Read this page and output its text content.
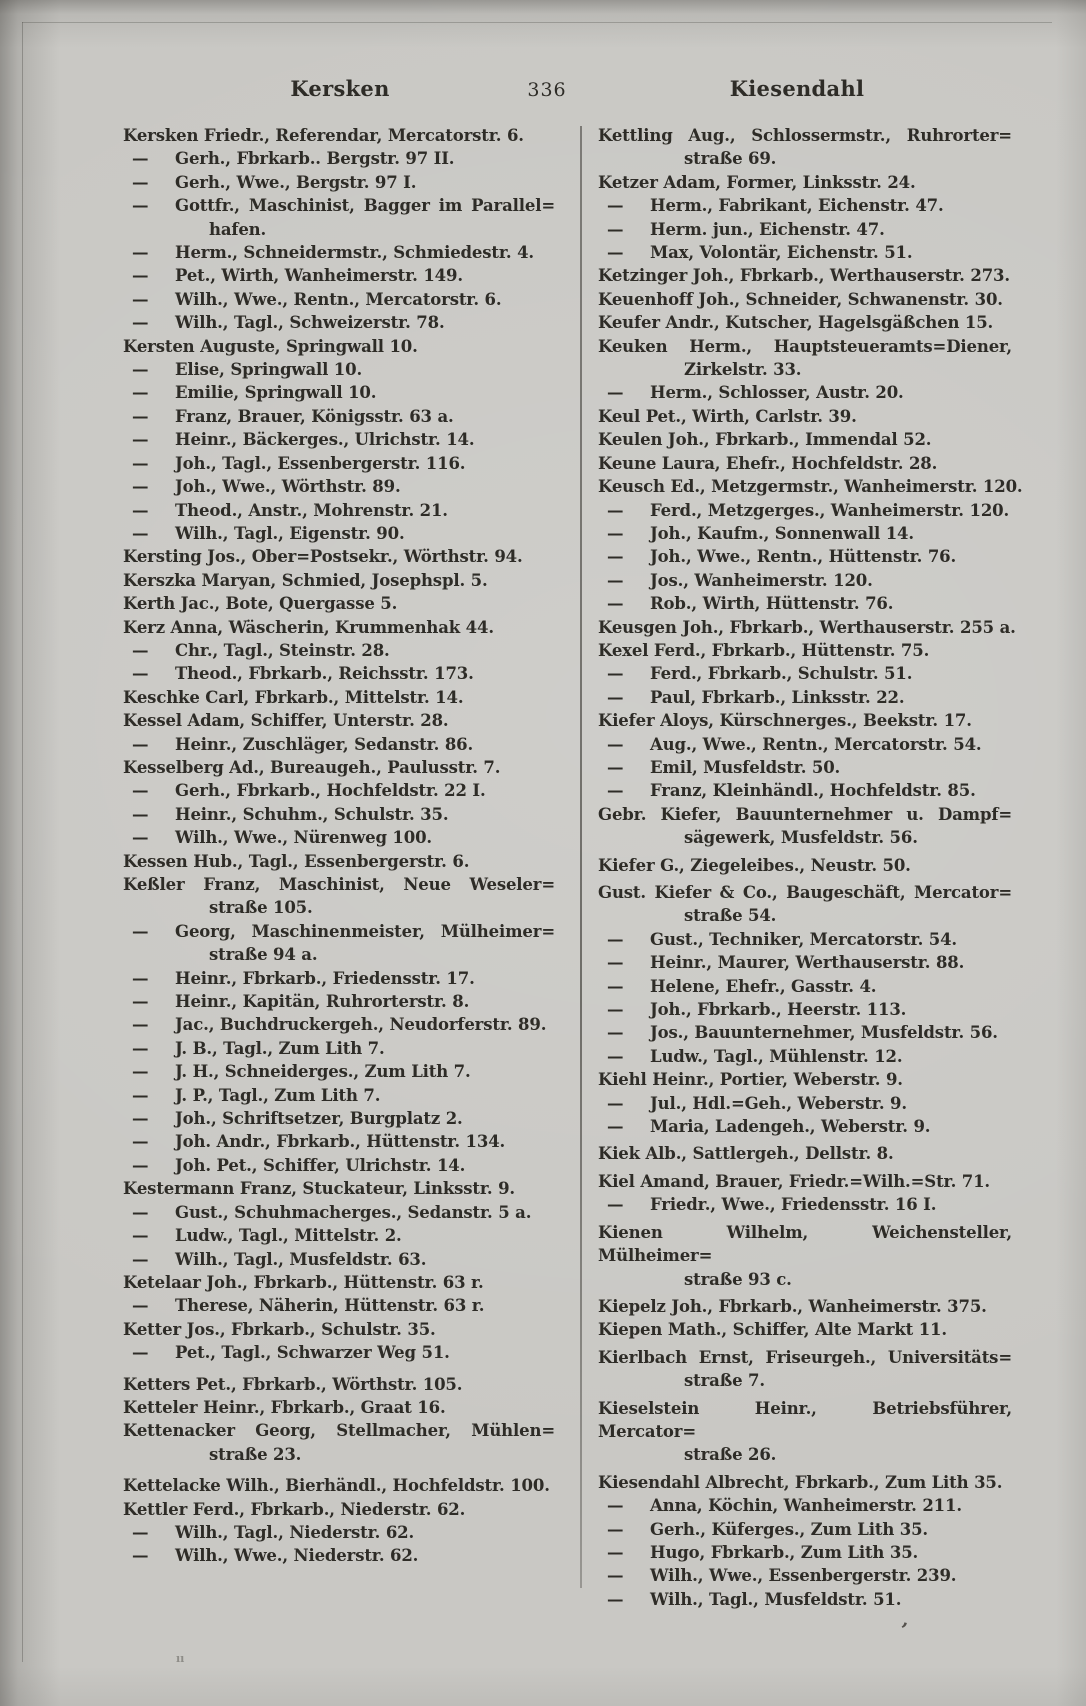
Kersken	336	Kiesendahl
Kersken Friedr., Referendar, Mercatorstr. 6.
—	Gerh., Fbrkarb.. Bergstr. 97 II.
—	Gerh., Wwe., Bergstr. 97 I.
—	Gottfr., Maschinist, Bagger im Parallel=
hafen.
—	Herm., Schneidermstr., Schmiedestr. 4.
—	Pet., Wirth, Wanheimerstr. 149.
—	Wilh., Wwe., Rentn., Mercatorstr. 6.
—	Wilh., Tagl., Schweizerstr. 78.
Kersten Auguste, Springwall 10.
—	Elise, Springwall 10.
—	Emilie, Springwall 10.
—	Franz, Brauer, Königsstr. 63 a.
—	Heinr., Bäckerges., Ulrichstr. 14.
—	Joh., Tagl., Essenbergerstr. 116.
—	Joh., Wwe., Wörthstr. 89.
—	Theod., Anstr., Mohrenstr. 21.
—	Wilh., Tagl., Eigenstr. 90.
Kersting Jos., Ober=Postsekr., Wörthstr. 94.
Kerszka Maryan, Schmied, Josephspl. 5.
Kerth Jac., Bote, Quergasse 5.
Kerz Anna, Wäscherin, Krummenhak 44.
—	Chr., Tagl., Steinstr. 28.
—	Theod., Fbrkarb., Reichsstr. 173.
Keschke Carl, Fbrkarb., Mittelstr. 14.
Kessel Adam, Schiffer, Unterstr. 28.
—	Heinr., Zuschläger, Sedanstr. 86.
Kesselberg Ad., Bureaugeh., Paulusstr. 7.
—	Gerh., Fbrkarb., Hochfeldstr. 22 I.
—	Heinr., Schuhm., Schulstr. 35.
—	Wilh., Wwe., Nürenweg 100.
Kessen Hub., Tagl., Essenbergerstr. 6.
Keßler Franz, Maschinist, Neue Weseler=
straße 105.
—	Georg, Maschinenmeister, Mülheimer=
straße 94 a.
—	Heinr., Fbrkarb., Friedensstr. 17.
—	Heinr., Kapitän, Ruhrorterstr. 8.
—	Jac., Buchdruckergeh., Neudorferstr. 89.
—	J. B., Tagl., Zum Lith 7.
—	J. H., Schneiderges., Zum Lith 7.
—	J. P., Tagl., Zum Lith 7.
—	Joh., Schriftsetzer, Burgplatz 2.
—	Joh. Andr., Fbrkarb., Hüttenstr. 134.
—	Joh. Pet., Schiffer, Ulrichstr. 14.
Kestermann Franz, Stuckateur, Linksstr. 9.
—	Gust., Schuhmacherges., Sedanstr. 5 a.
—	Ludw., Tagl., Mittelstr. 2.
—	Wilh., Tagl., Musfeldstr. 63.
Ketelaar Joh., Fbrkarb., Hüttenstr. 63 r.
—	Therese, Näherin, Hüttenstr. 63 r.
Ketter Jos., Fbrkarb., Schulstr. 35.
—	Pet., Tagl., Schwarzer Weg 51.
Ketters Pet., Fbrkarb., Wörthstr. 105.
Ketteler Heinr., Fbrkarb., Graat 16.
Kettenacker Georg, Stellmacher, Mühlen=
straße 23.
Kettelacke Wilh., Bierhändl., Hochfeldstr. 100.
Kettler Ferd., Fbrkarb., Niederstr. 62.
—	Wilh., Tagl., Niederstr. 62.
—	Wilh., Wwe., Niederstr. 62.
Kettling Aug., Schlossermstr., Ruhrorter=
straße 69.
Ketzer Adam, Former, Linksstr. 24.
—	Herm., Fabrikant, Eichenstr. 47.
—	Herm. jun., Eichenstr. 47.
—	Max, Volontär, Eichenstr. 51.
Ketzinger Joh., Fbrkarb., Werthauserstr. 273.
Keuenhoff Joh., Schneider, Schwanenstr. 30.
Keufer Andr., Kutscher, Hagelsgäßchen 15.
Keuken Herm., Hauptsteueramts=Diener,
Zirkelstr. 33.
—	Herm., Schlosser, Austr. 20.
Keul Pet., Wirth, Carlstr. 39.
Keulen Joh., Fbrkarb., Immendal 52.
Keune Laura, Ehefr., Hochfeldstr. 28.
Keusch Ed., Metzgermstr., Wanheimerstr. 120.
—	Ferd., Metzgerges., Wanheimerstr. 120.
—	Joh., Kaufm., Sonnenwall 14.
—	Joh., Wwe., Rentn., Hüttenstr. 76.
—	Jos., Wanheimerstr. 120.
—	Rob., Wirth, Hüttenstr. 76.
Keusgen Joh., Fbrkarb., Werthauserstr. 255 a.
Kexel Ferd., Fbrkarb., Hüttenstr. 75.
—	Ferd., Fbrkarb., Schulstr. 51.
—	Paul, Fbrkarb., Linksstr. 22.
Kiefer Aloys, Kürschnerges., Beekstr. 17.
—	Aug., Wwe., Rentn., Mercatorstr. 54.
—	Emil, Musfeldstr. 50.
—	Franz, Kleinhändl., Hochfeldstr. 85.
Gebr. Kiefer, Bauunternehmer u. Dampf=
sägewerk, Musfeldstr. 56.
Kiefer G., Ziegeleibes., Neustr. 50.
Gust. Kiefer & Co., Baugeschäft, Mercator=
straße 54.
—	Gust., Techniker, Mercatorstr. 54.
—	Heinr., Maurer, Werthauserstr. 88.
—	Helene, Ehefr., Gasstr. 4.
—	Joh., Fbrkarb., Heerstr. 113.
—	Jos., Bauunternehmer, Musfeldstr. 56.
—	Ludw., Tagl., Mühlenstr. 12.
Kiehl Heinr., Portier, Weberstr. 9.
—	Jul., Hdl.=Geh., Weberstr. 9.
—	Maria, Ladengeh., Weberstr. 9.
Kiek Alb., Sattlergeh., Dellstr. 8.
Kiel Amand, Brauer, Friedr.=Wilh.=Str. 71.
—	Friedr., Wwe., Friedensstr. 16 I.
Kienen Wilhelm, Weichensteller, Mülheimer=
straße 93 c.
Kiepelz Joh., Fbrkarb., Wanheimerstr. 375.
Kiepen Math., Schiffer, Alte Markt 11.
Kierlbach Ernst, Friseurgeh., Universitäts=
straße 7.
Kieselstein Heinr., Betriebsführer, Mercator=
straße 26.
Kiesendahl Albrecht, Fbrkarb., Zum Lith 35.
—	Anna, Köchin, Wanheimerstr. 211.
—	Gerh., Küferges., Zum Lith 35.
—	Hugo, Fbrkarb., Zum Lith 35.
—	Wilh., Wwe., Essenbergerstr. 239.
—	Wilh., Tagl., Musfeldstr. 51.
’
ıı
